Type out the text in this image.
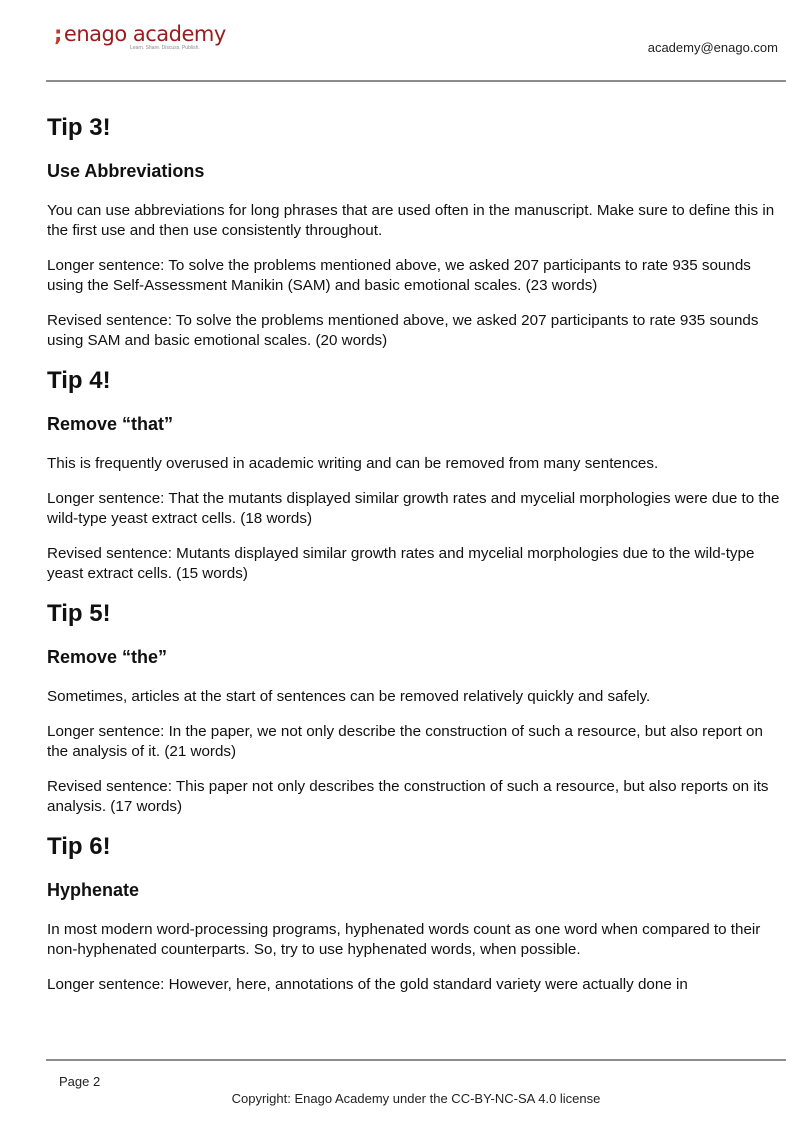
;enago academy
Learn. Share. Discuss. Publish.	academy@enago.com
Tip 3!
Use Abbreviations

You can use abbreviations for long phrases that are used often in the manuscript. Make sure to define this in the first use and then use consistently throughout.

Longer sentence: To solve the problems mentioned above, we asked 207 participants to rate 935 sounds using the Self-Assessment Manikin (SAM) and basic emotional scales. (23 words)

Revised sentence: To solve the problems mentioned above, we asked 207 participants to rate 935 sounds using SAM and basic emotional scales. (20 words)

Tip 4!
Remove “that”

This is frequently overused in academic writing and can be removed from many sentences.

Longer sentence: That the mutants displayed similar growth rates and mycelial morphologies were due to the wild-type yeast extract cells. (18 words)

Revised sentence: Mutants displayed similar growth rates and mycelial morphologies due to the wild-type yeast extract cells. (15 words)

Tip 5!
Remove “the”

Sometimes, articles at the start of sentences can be removed relatively quickly and safely.

Longer sentence: In the paper, we not only describe the construction of such a resource, but also report on the analysis of it. (21 words)

Revised sentence: This paper not only describes the construction of such a resource, but also reports on its analysis. (17 words)

Tip 6!
Hyphenate

In most modern word-processing programs, hyphenated words count as one word when compared to their non-hyphenated counterparts. So, try to use hyphenated words, when possible.

Longer sentence: However, here, annotations of the gold standard variety were actually done in

Page 2
Copyright: Enago Academy under the CC-BY-NC-SA 4.0 license
